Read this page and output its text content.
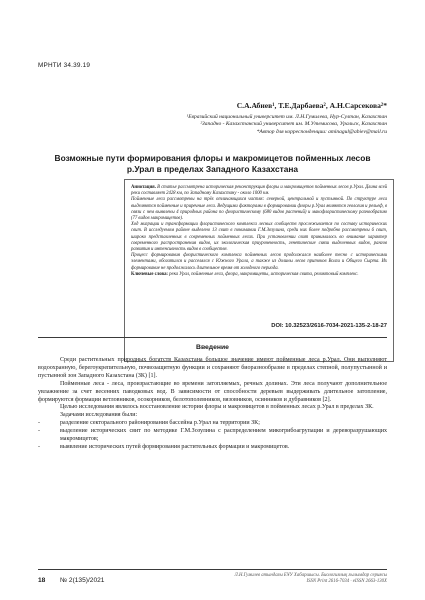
МРНТИ 34.39.19
С.А.Абиев¹, Т.Е.Дарбаева², А.Н.Сарсекова²*
¹Евразийский национальный университет им. Л.Н.Гумилева, Нур-Султан, Казахстан
²Западно - Казахстанский университет им. М.Утемисова, Уральск, Казахстан
*Автор для корреспонденции: aminagul@abiev@mail.ru
Возможные пути формирования флоры и макромицетов пойменных лесов
р.Урал в пределах Западного Казахстана

Аннотация. В статье рассмотрена историческая реконструкция флоры и макромицетов пойменных лесов р.Урал. Длина всей реки составляет 2428 км, по Западному Казахстану - около 1000 км.

Пойменные леса рассмотрены на трёх отличающихся частях: северной, центральной и пустынной. По структуре леса выделяются пойменные и приречные леса. Ведущими факторами в формировании флоры р.Урал являются геология и рельеф, в связи с чем выявлены 4 природных района по флористическому (680 видов растений) и макофлористическому разнообразию (77 видов макромицетов).

Ход миграции и трансформации флористического комплекса лесных сообществ прослеживается по составу исторических свит. В исследуемом районе выделено 13 свит в понимании Г.М.Зозулина, среди них более подробно рассмотрены 6 свит, широко представленных в современных пойменных лесах. При установлении свит принималось во внимание характер современного распространения видов, их экологическая приуроченность, генетические связи выделенных видов, рангов развития и интенсивность видов в сообществе.

Процесс формирования флористического комплекса пойменных лесов продолжался наиболее тесно с историческими элементами, обогатился и расселялся с Южного Урала, а также из долины лесов притоков Волги и Общего Сырта. Их формирование не продолжалось длительное время от холодного периода.

Ключевые слова: река Урал, пойменные леса, флора, макромицеты, историческая свита, реликтовый комплекс.

DOI: 10.32523/2616-7034-2021-135-2-18-27
Введение

Среди растительных природных богатств Казахстана большое значение имеют пойменные леса р.Урал. Они выполняют водоохранную, берегоукрепительную, почвозащитную функции и сохраняют биоразнообразие в пределах степной, полупустынной и пустынной зон Западного Казахстана (ЗК) [1].

Пойменные леса - леса, произрастающие во времени затопляемых, речных долинах. Эти леса получают дополнительное увлажнение за счет весенних паводковых вод. В зависимости от способности деревьев выдерживать длительное затопление, формируются формации ветловников, осокорников, белотополевников, вязовников, осинников и дубравников [2].

Целью исследования являлось восстановление истории флоры и макромицетов в пойменных лесах р.Урал в пределах ЗК.

Задачами исследования были:

-	разделение секторального районирования бассейна р.Урал на территории ЗК;

-	выделение исторических свит по методике Г.М.Зозулина с распределением микогрибоагрупации и дереворазрушающих макромицетов;

-	выявление исторических путей формирования растительных формации и макромицетов.

18 № 2(135)/2021
Л.Н.Гумилев атындағы ЕҰУ Хабаршысы. Биологиялық ғылымдар сериясы
ISSN Print 2616-7034 · eISSN 2663-130X
